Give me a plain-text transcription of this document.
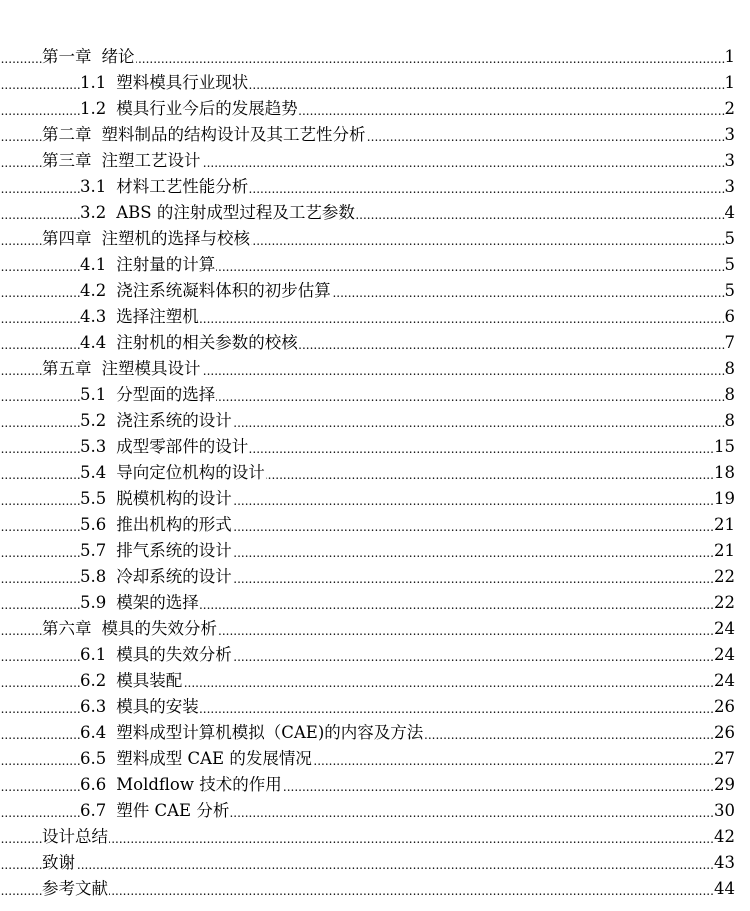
.....
第一章 绪论	1
.....
1.1 塑料模具行业现状	1
.....
1.2 模具行业今后的发展趋势	2
.....
第二章 塑料制品的结构设计及其工艺性分析	3
.....
第三章 注塑工艺设计	3
.....
3.1 材料工艺性能分析	3
.....
3.2 ABS 的注射成型过程及工艺参数	4
.....
第四章 注塑机的选择与校核	5
.....
4.1 注射量的计算	5
.....
4.2 浇注系统凝料体积的初步估算	5
.....
4.3 选择注塑机	6
.....
4.4 注射机的相关参数的校核	7
.....
第五章 注塑模具设计	8
.....
5.1 分型面的选择	8
.....
5.2 浇注系统的设计	8
.....
5.3 成型零部件的设计	15
.....
5.4 导向定位机构的设计	18
.....
5.5 脱模机构的设计	19
.....
5.6 推出机构的形式	21
.....
5.7 排气系统的设计	21
.....
5.8 冷却系统的设计	22
.....
5.9 模架的选择	22
.....
第六章 模具的失效分析	24
.....
6.1 模具的失效分析	24
.....
6.2 模具装配	24
.....
6.3 模具的安装	26
.....
6.4 塑料成型计算机模拟（CAE)的内容及方法	26
.....
6.5 塑料成型 CAE 的发展情况	27
.....
6.6 Moldflow 技术的作用	29
.....
6.7 塑件 CAE 分析	30
.....
设计总结	42
.....
致谢	43
.....
参考文献	44
